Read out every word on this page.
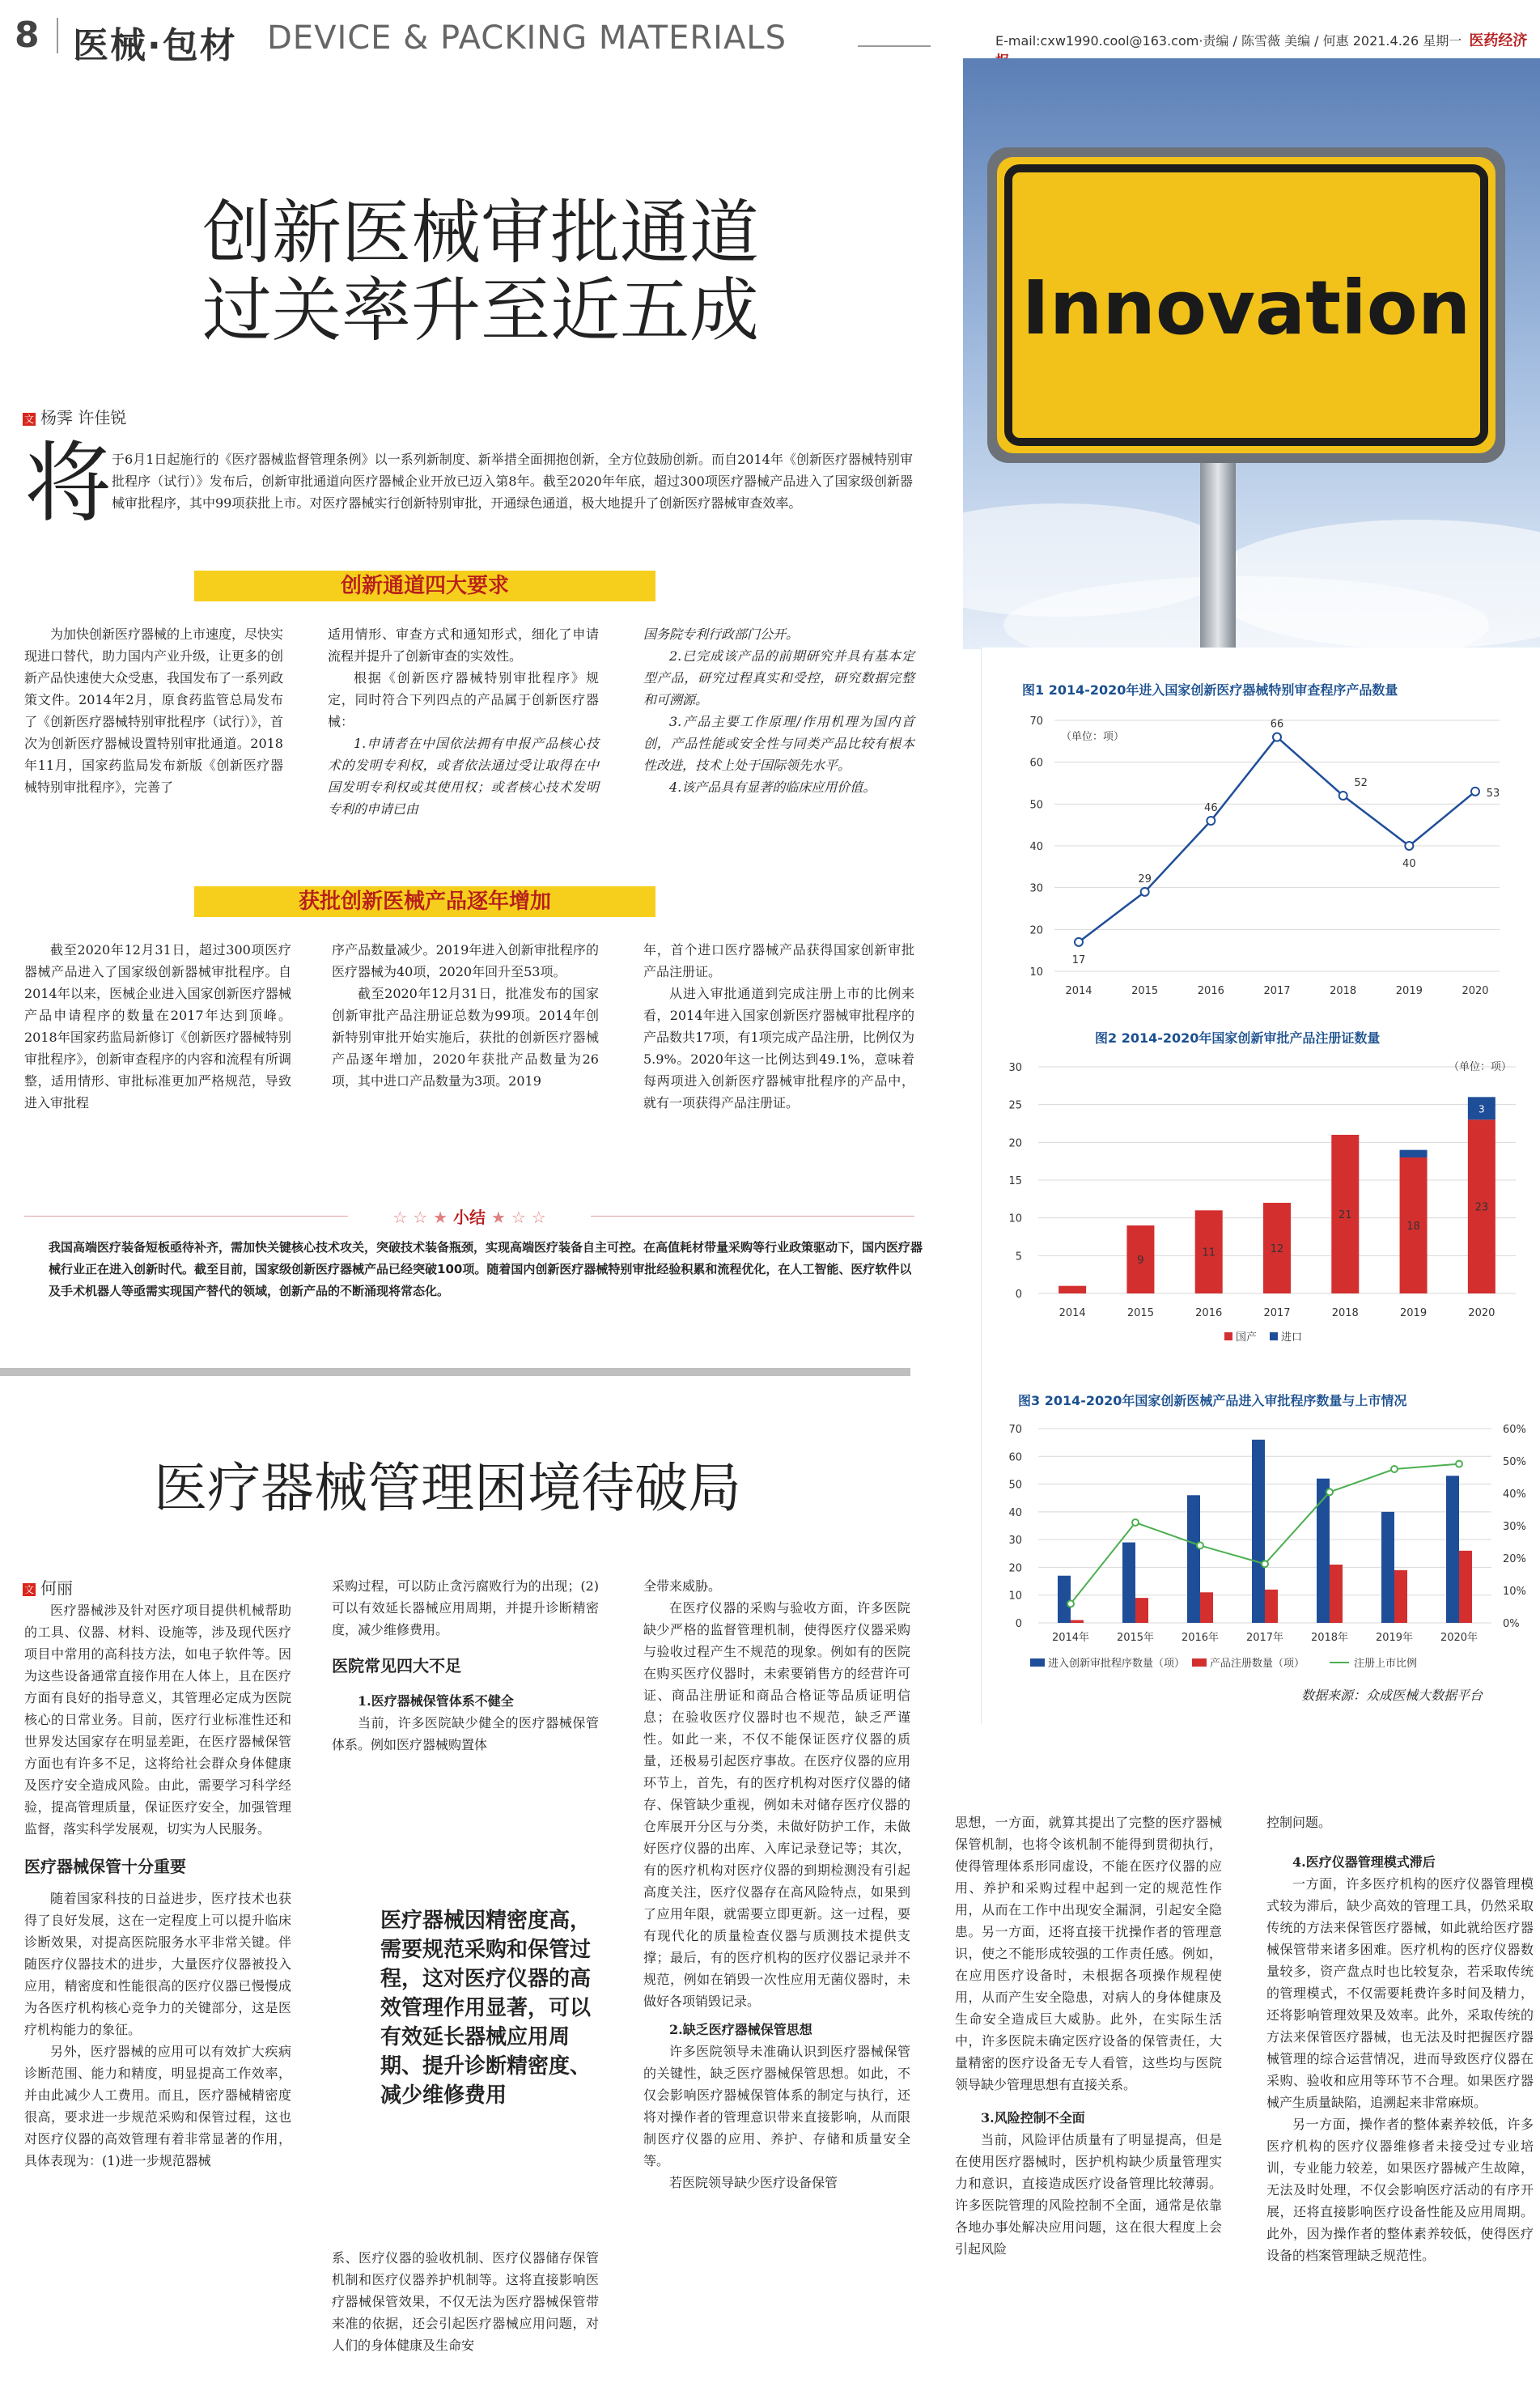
8 医械·包材 DEVICE & PACKING MATERIALS	E-mail:cxw1990.cool@163.com·责编 / 陈雪薇 美编 / 何惠 2021.4.26 星期一 医药经济
Innovation
创新医械审批通道
过关率升至近五成
文 杨霁 许佳锐
将 于6月1日起施行的《医疗器械监督管理条例》以一系列新制度、新举措全面拥抱创新，全方位鼓励创新。而自2014年《创新医疗器械特别审批程序（试行）》发布后，创新审批通道向医疗器械企业开放已迈入第8年。截至2020年年底，超过300项医疗器械产品进入了国家级创新器械审批程序，其中99项获批上市。对医疗器械实行创新特别审批，开通绿色通道，极大地提升了创新医疗器械审查效率。
创新通道四大要求
为加快创新医疗器械的上市速度，尽快实现进口替代，助力国内产业升级，让更多的创新产品快速使大众受惠，我国发布了一系列政策文件。2014年2月，原食药监管总局发布了《创新医疗器械特别审批程序（试行）》，首次为创新医疗器械设置特别审批通道。2018年11月，国家药监局发布新版《创新医疗器械特别审批程序》，完善了
适用情形、审查方式和通知形式，细化了申请流程并提升了创新审查的实效性。
根据《创新医疗器械特别审批程序》规定，同时符合下列四点的产品属于创新医疗器械：
1.申请者在中国依法拥有申报产品核心技术的发明专利权，或者依法通过受让取得在中国发明专利权或其使用权；或者核心技术发明专利的申请已由
国务院专利行政部门公开。
2.已完成该产品的前期研究并具有基本定型产品，研究过程真实和受控，研究数据完整和可溯源。
3.产品主要工作原理/作用机理为国内首创，产品性能或安全性与同类产品比较有根本性改进，技术上处于国际领先水平。
4.该产品具有显著的临床应用价值。
获批创新医械产品逐年增加
截至2020年12月31日，超过300项医疗器械产品进入了国家级创新器械审批程序。自2014年以来，医械企业进入国家创新医疗器械产品申请程序的数量在2017年达到顶峰。2018年国家药监局新修订《创新医疗器械特别审批程序》，创新审查程序的内容和流程有所调整，适用情形、审批标准更加严格规范，导致进入审批程
序产品数量减少。2019年进入创新审批程序的医疗器械为40项，2020年回升至53项。
截至2020年12月31日，批准发布的国家创新审批产品注册证总数为99项。2014年创新特别审批开始实施后，获批的创新医疗器械产品逐年增加，2020年获批产品数量为26项，其中进口产品数量为3项。2019
年，首个进口医疗器械产品获得国家创新审批产品注册证。
从进入审批通道到完成注册上市的比例来看，2014年进入国家创新医疗器械审批程序的产品数共17项，有1项完成产品注册，比例仅为5.9%。2020年这一比例达到49.1%，意味着每两项进入创新医疗器械审批程序的产品中，就有一项获得产品注册证。
☆ ☆ ★ 小结 ★ ☆ ☆
我国高端医疗装备短板亟待补齐，需加快关键核心技术攻关，突破技术装备瓶颈，实现高端医疗装备自主可控。在高值耗材带量采购等行业政策驱动下，国内医疗器械行业正在进入创新时代。截至目前，国家级创新医疗器械产品已经突破100项。随着国内创新医疗器械特别审批经验积累和流程优化，在人工智能、医疗软件以及手术机器人等亟需实现国产替代的领域，创新产品的不断涌现将常态化。
医疗器械管理困境待破局
文 何丽
医疗器械涉及针对医疗项目提供机械帮助的工具、仪器、材料、设施等，涉及现代医疗项目中常用的高科技方法，如电子软件等。因为这些设备通常直接作用在人体上，且在医疗方面有良好的指导意义，其管理必定成为医院核心的日常业务。目前，医疗行业标准性还和世界发达国家存在明显差距，在医疗器械保管方面也有许多不足，这将给社会群众身体健康及医疗安全造成风险。由此，需要学习科学经验，提高管理质量，保证医疗安全，加强管理监督，落实科学发展观，切实为人民服务。
医疗器械保管十分重要
随着国家科技的日益进步，医疗技术也获得了良好发展，这在一定程度上可以提升临床诊断效果，对提高医院服务水平非常关键。伴随医疗仪器技术的进步，大量医疗仪器被投入应用，精密度和性能很高的医疗仪器已慢慢成为各医疗机构核心竞争力的关键部分，这是医疗机构能力的象征。
另外，医疗器械的应用可以有效扩大疾病诊断范围、能力和精度，明显提高工作效率，并由此减少人工费用。而且，医疗器械精密度很高，要求进一步规范采购和保管过程，这也对医疗仪器的高效管理有着非常显著的作用，具体表现为：(1)进一步规范器械
采购过程，可以防止贪污腐败行为的出现；(2)可以有效延长器械应用周期，并提升诊断精密度，减少维修费用。
医院常见四大不足
1.医疗器械保管体系不健全
当前，许多医院缺少健全的医疗器械保管体系。例如医疗器械购置体
医疗器械因精密度高，需要规范采购和保管过程，这对医疗仪器的高效管理作用显著，可以有效延长器械应用周期、提升诊断精密度、减少维修费用
系、医疗仪器的验收机制、医疗仪器储存保管机制和医疗仪器养护机制等。这将直接影响医疗器械保管效果，不仅无法为医疗器械保管带来准的依据，还会引起医疗器械应用问题，对人们的身体健康及生命安
全带来威胁。
在医疗仪器的采购与验收方面，许多医院缺少严格的监督管理机制，使得医疗仪器采购与验收过程产生不规范的现象。例如有的医院在购买医疗仪器时，未索要销售方的经营许可证、商品注册证和商品合格证等品质证明信息；在验收医疗仪器时也不规范，缺乏严谨性。如此一来，不仅不能保证医疗仪器的质量，还极易引起医疗事故。在医疗仪器的应用环节上，首先，有的医疗机构对医疗仪器的储存、保管缺少重视，例如未对储存医疗仪器的仓库展开分区与分类，未做好防护工作，未做好医疗仪器的出库、入库记录登记等；其次，有的医疗机构对医疗仪器的到期检测没有引起高度关注，医疗仪器存在高风险特点，如果到了应用年限，就需要立即更新。这一过程，要有现代化的质量检查仪器与质测技术提供支撑；最后，有的医疗机构的医疗仪器记录并不规范，例如在销毁一次性应用无菌仪器时，未做好各项销毁记录。
2.缺乏医疗器械保管思想
许多医院领导未准确认识到医疗器械保管的关键性，缺乏医疗器械保管思想。如此，不仅会影响医疗器械保管体系的制定与执行，还将对操作者的管理意识带来直接影响，从而限制医疗仪器的应用、养护、存储和质量安全等。
若医院领导缺少医疗设备保管
思想，一方面，就算其提出了完整的医疗器械保管机制，也将令该机制不能得到贯彻执行，使得管理体系形同虚设，不能在医疗仪器的应用、养护和采购过程中起到一定的规范性作用，从而在工作中出现安全漏洞，引起安全隐患。另一方面，还将直接干扰操作者的管理意识，使之不能形成较强的工作责任感。例如，在应用医疗设备时，未根据各项操作规程使用，从而产生安全隐患，对病人的身体健康及生命安全造成巨大威胁。此外，在实际生活中，许多医院未确定医疗设备的保管责任，大量精密的医疗设备无专人看管，这些均与医院领导缺少管理思想有直接关系。
3.风险控制不全面
当前，风险评估质量有了明显提高，但是在使用医疗器械时，医护机构缺少质量管理实力和意识，直接造成医疗设备管理比较薄弱。许多医院管理的风险控制不全面，通常是依靠各地办事处解决应用问题，这在很大程度上会引起风险
控制问题。
4.医疗仪器管理模式滞后
一方面，许多医疗机构的医疗仪器管理模式较为滞后，缺少高效的管理工具，仍然采取传统的方法来保管医疗器械，如此就给医疗器械保管带来诸多困难。医疗机构的医疗仪器数量较多，资产盘点时也比较复杂，若采取传统的管理模式，不仅需要耗费许多时间及精力，还将影响管理效果及效率。此外，采取传统的方法来保管医疗器械，也无法及时把握医疗器械管理的综合运营情况，进而导致医疗仪器在采购、验收和应用等环节不合理。如果医疗器械产生质量缺陷，追溯起来非常麻烦。
另一方面，操作者的整体素养较低，许多医疗机构的医疗仪器维修者未接受过专业培训，专业能力较差，如果医疗器械产生故障，无法及时处理，不仅会影响医疗活动的有序开展，还将直接影响医疗设备性能及应用周期。此外，因为操作者的整体素养较低，使得医疗设备的档案管理缺乏规范性。
图1 2014-2020年进入国家创新医疗器械特别审查程序产品数量
10
20
30
40
50
60
70
（单位：项）
2014	2015	2016	2017	2018	2019	2020
17
29
46
66
52
40
53
图2 2014-2020年国家创新审批产品注册证数量
0
5
10
15
20
25
30	（单位：项）
2014
9
2015
11
2016
12
2017
21
2018
18
2019
23
3
2020
国产 进口
图3 2014-2020年国家创新医械产品进入审批程序数量与上市情况
0
10
20
30
40
50
60
70
0%
10%
20%
30%
40%
50%
60%
2014年	2015年	2016年	2017年	2018年	2019年	2020年
进入创新审批程序数量（项） 产品注册数量（项）	注册上市比例
数据来源：众成医械大数据平台
